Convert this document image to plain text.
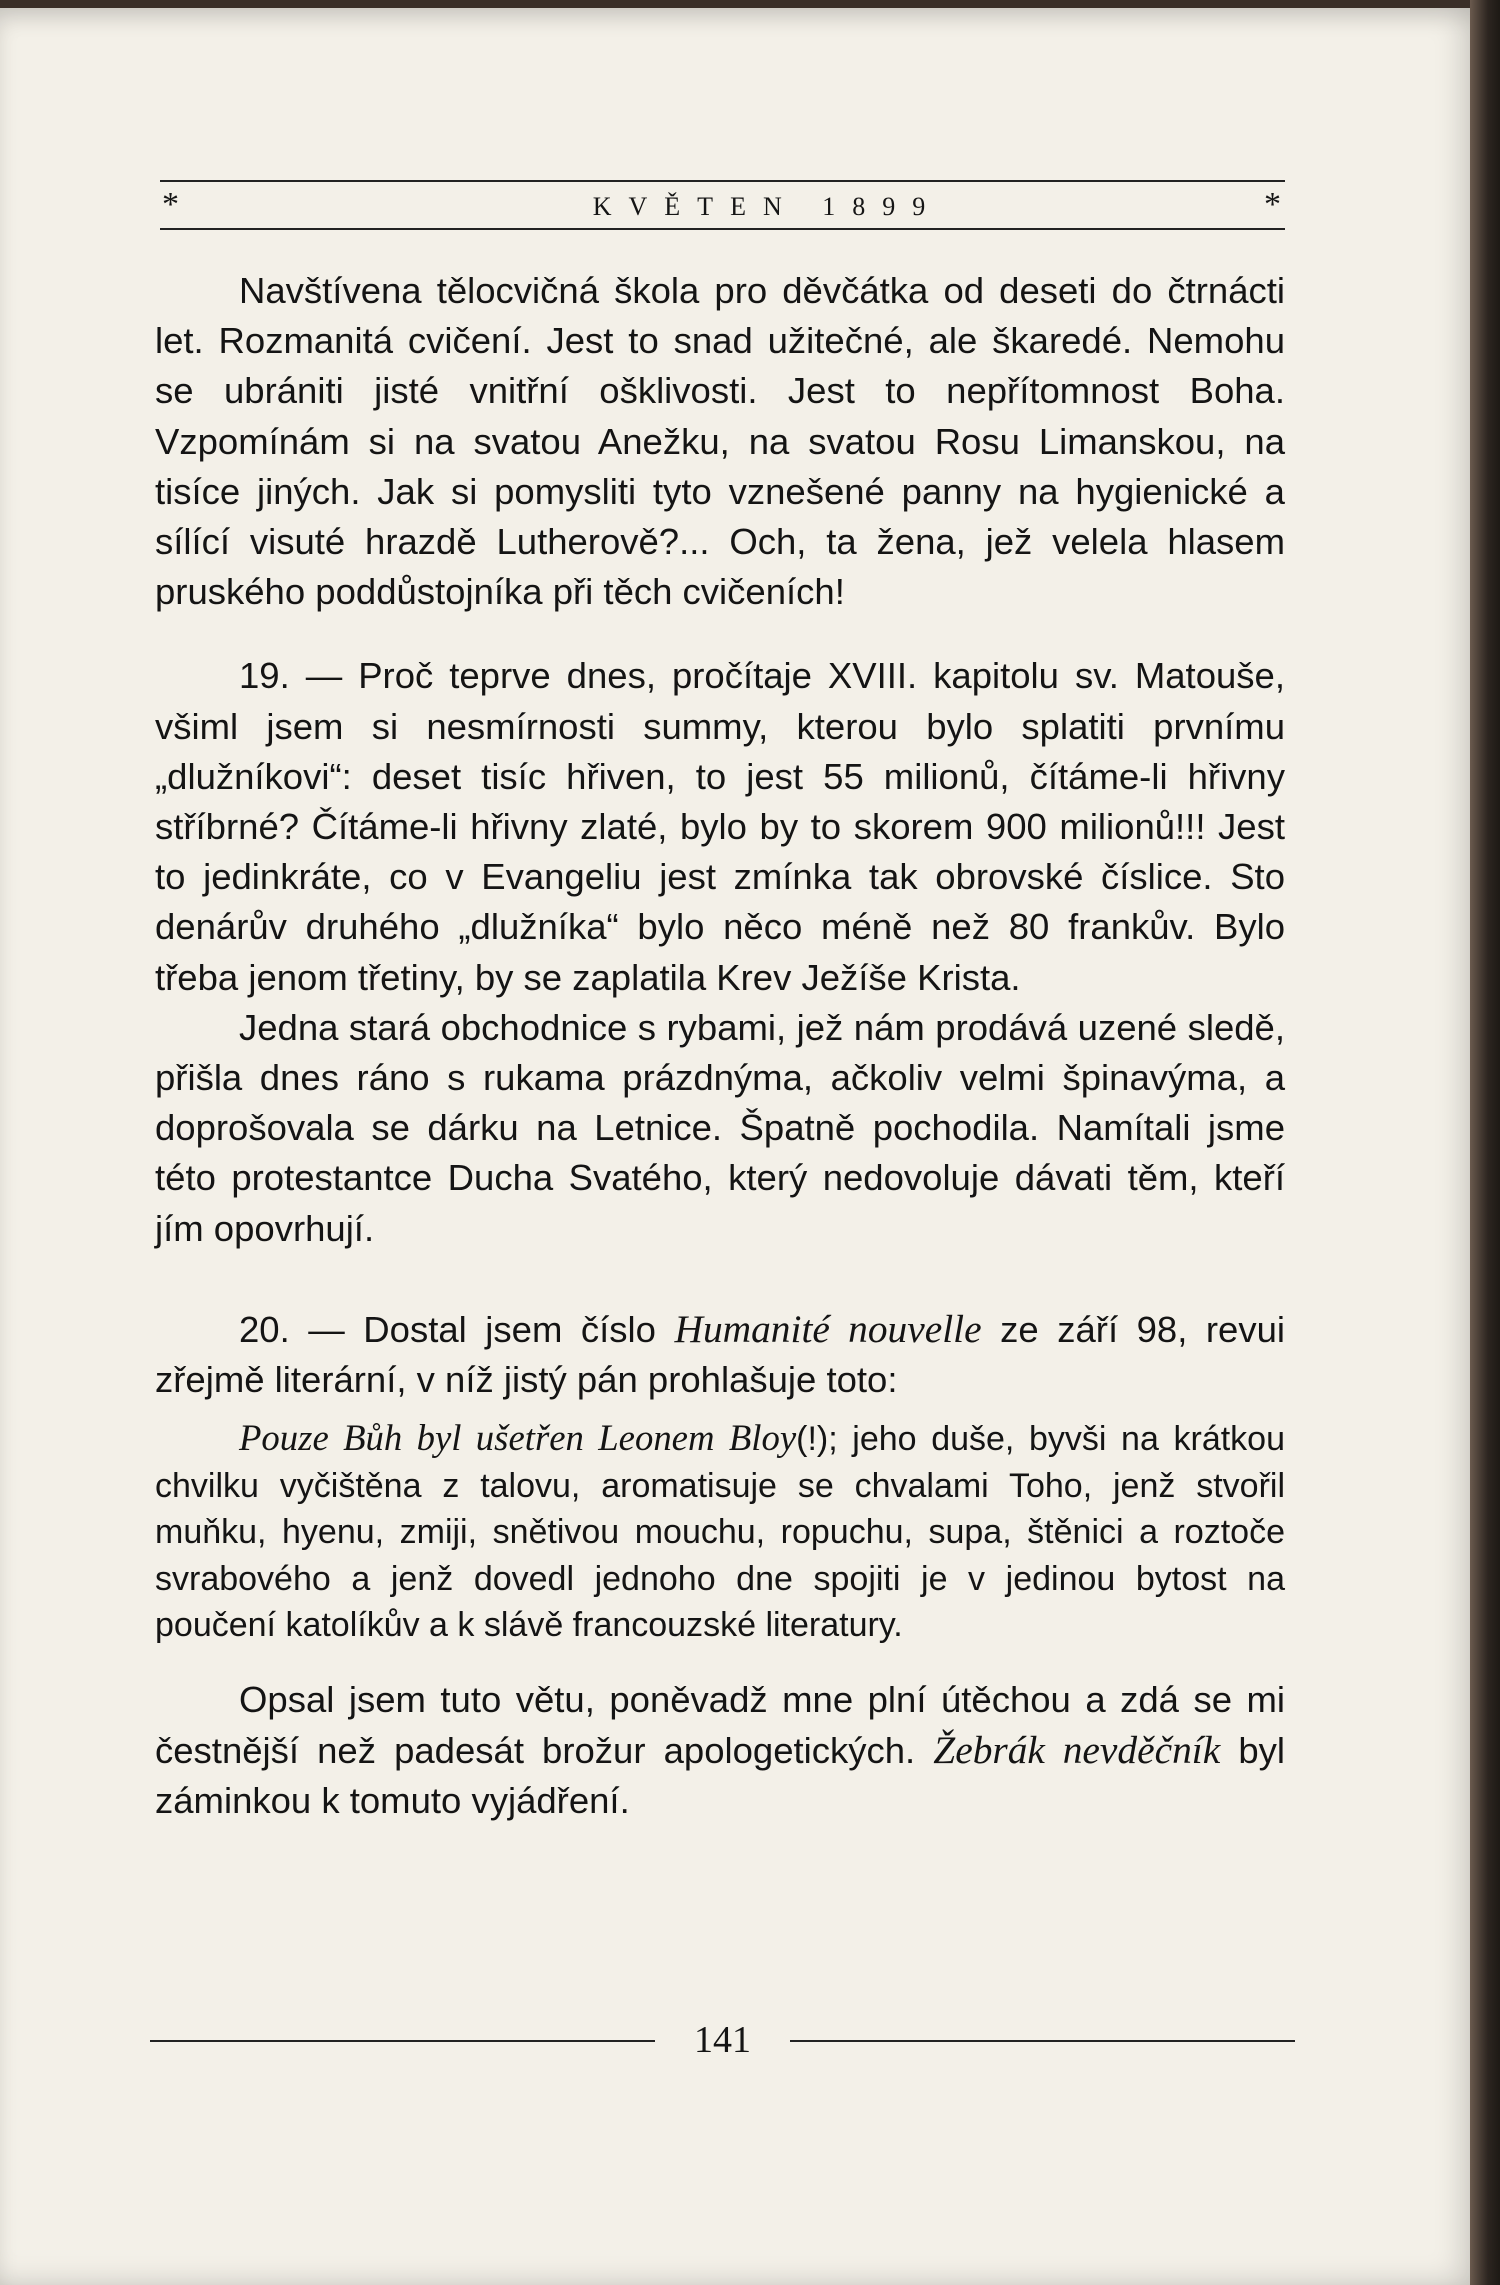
*	KVĚTEN 1899	*

Navštívena tělocvičná škola pro děvčátka od deseti do čtrnácti let. Rozmanitá cvičení. Jest to snad užitečné, ale škaredé. Nemohu se ubrániti jisté vnitřní ošklivosti. Jest to nepřítomnost Boha. Vzpomínám si na svatou Anežku, na svatou Rosu Limanskou, na tisíce jiných. Jak si pomysliti tyto vznešené panny na hygienické a sílící visuté hrazdě Lutherově?... Och, ta žena, jež velela hlasem pruského poddůstojníka při těch cvičeních!

19. — Proč teprve dnes, pročítaje XVIII. kapitolu sv. Matouše, všiml jsem si nesmírnosti summy, kterou bylo splatiti prvnímu „dlužníkovi“: deset tisíc hřiven, to jest 55 milionů, čítáme-li hřivny stříbrné? Čítáme-li hřivny zlaté, bylo by to skorem 900 milionů!!! Jest to jedinkráte, co v Evangeliu jest zmínka tak obrovské číslice. Sto denárův druhého „dlužníka“ bylo něco méně než 80 frankův. Bylo třeba jenom třetiny, by se zaplatila Krev Ježíše Krista.

Jedna stará obchodnice s rybami, jež nám prodává uzené sledě, přišla dnes ráno s rukama prázdnýma, ačkoliv velmi špinavýma, a doprošovala se dárku na Letnice. Špatně pochodila. Namítali jsme této protestantce Ducha Svatého, který nedovoluje dávati těm, kteří jím opovrhují.

20. — Dostal jsem číslo Humanité nouvelle ze září 98, revui zřejmě literární, v níž jistý pán prohlašuje toto:

Pouze Bůh byl ušetřen Leonem Bloy(!); jeho duše, byvši na krátkou chvilku vyčištěna z talovu, aromatisuje se chvalami Toho, jenž stvořil muňku, hyenu, zmiji, snětivou mouchu, ropuchu, supa, štěnici a roztoče svrabového a jenž dovedl jednoho dne spojiti je v jedinou bytost na poučení katolíkův a k slávě francouzské literatury.

Opsal jsem tuto větu, poněvadž mne plní útěchou a zdá se mi čestnější než padesát brožur apologetických. Žebrák nevděčník byl záminkou k tomuto vyjádření.

141
